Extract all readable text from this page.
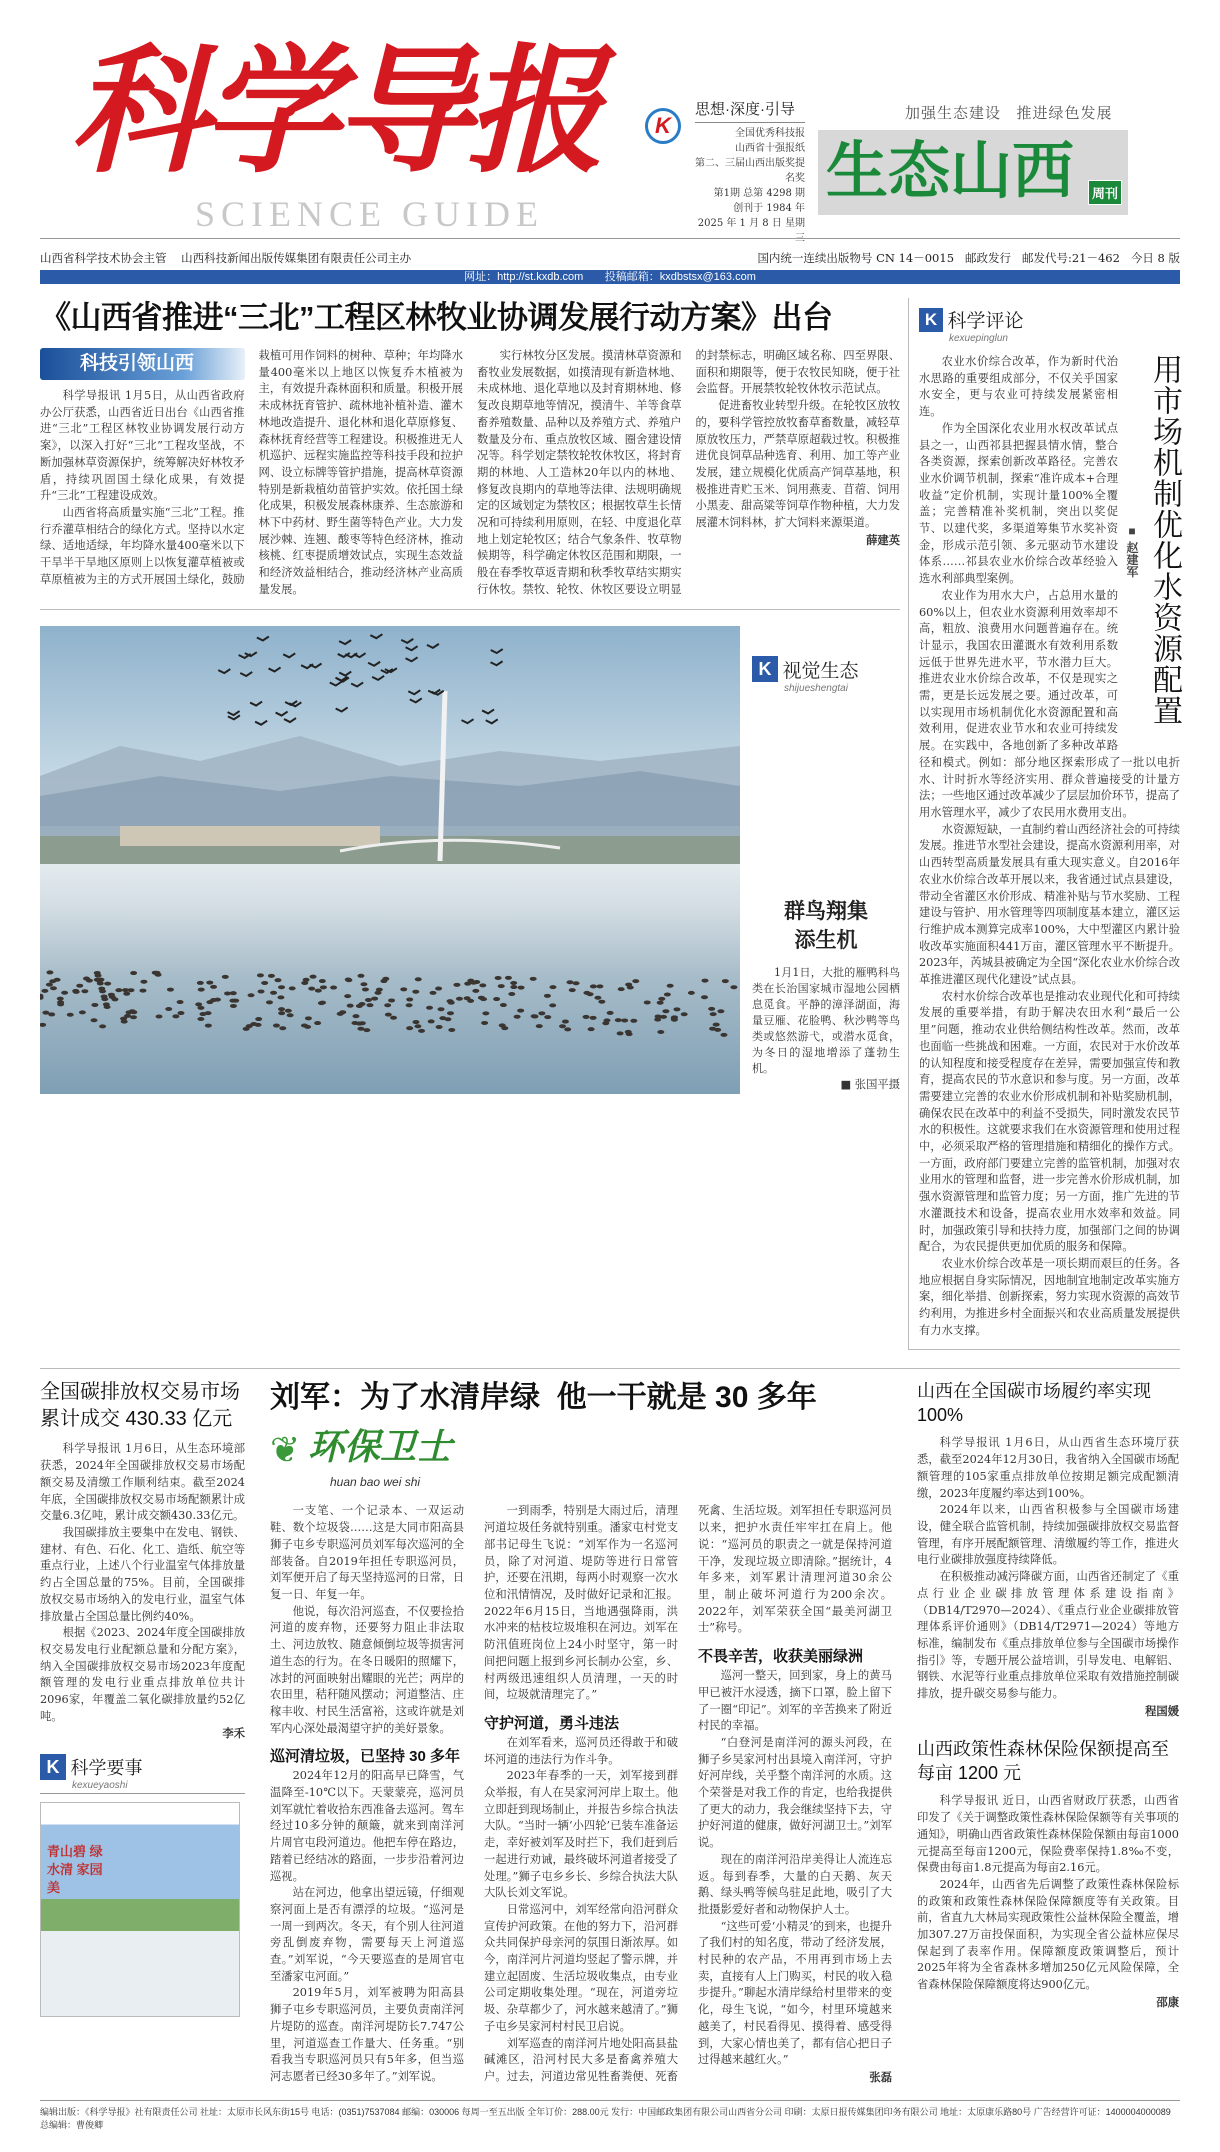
科学导报
SCIENCE GUIDE
K
思想·深度·引导
全国优秀科技报
山西省十强报纸
第二、三届山西出版奖提名奖
第1期 总第 4298 期
创刊于 1984 年
2025 年 1 月 8 日 星期
加强生态建设   推进绿色发展
生态山西	周刊
山西省科学技术协会主管    山西科技新闻出版传媒集团有限责任公司主办	国内统一连续出版物号 CN 14－0015   邮政发行   邮发代号:21－462   今日 8 版
网址：http://st.kxdb.com 投稿邮箱：kxdbstsx@163.com
《山西省推进“三北”工程区林牧业协调发展行动方案》出台
科技引领山西

科学导报讯 1月5日，从山西省政府办公厅获悉，山西省近日出台《山西省推进“三北”工程区林牧业协调发展行动方案》，以深入打好“三北”工程攻坚战，不断加强林草资源保护，统筹解决好林牧矛盾，持续巩固国土绿化成果，有效提升“三北”工程建设成效。

山西省将高质量实施“三北”工程。推行乔灌草相结合的绿化方式。坚持以水定绿、适地适绿，年均降水量400毫米以下干旱半干旱地区原则上以恢复灌草植被或草原植被为主的方式开展国土绿化，鼓励栽植可用作饲料的树种、草种；年均降水量400毫米以上地区以恢复乔木植被为主，有效提升森林面积和质量。积极开展未成林抚育管护、疏林地补植补造、灌木林地改造提升、退化林和退化草原修复、森林抚育经营等工程建设。积极推进无人机巡护、远程实施监控等科技手段和拉护网、设立标牌等管护措施，提高林草资源特别是新栽植幼苗管护实效。依托国土绿化成果，积极发展森林康养、生态旅游和林下中药材、野生菌等特色产业。大力发展沙棘、连翘、酸枣等特色经济林，推动核桃、红枣提质增效试点，实现生态效益和经济效益相结合，推动经济林产业高质量发展。

实行林牧分区发展。摸清林草资源和畜牧业发展数据，如摸清现有新造林地、未成林地、退化草地以及封育期林地、修复改良期草地等情况，摸清牛、羊等食草畜养殖数量、品种以及养殖方式、养殖户数量及分布、重点放牧区域、圈舍建设情况等。科学划定禁牧轮牧休牧区，将封育期的林地、人工造林20年以内的林地、修复改良期内的草地等法律、法规明确规定的区域划定为禁牧区；根据牧草生长情况和可持续利用原则，在轻、中度退化草地上划定轮牧区；结合气象条件、牧草物候期等，科学确定休牧区范围和期限，一般在春季牧草返青期和秋季牧草结实期实行休牧。禁牧、轮牧、休牧区要设立明显的封禁标志，明确区域名称、四至界限、面积和期限等，便于农牧民知晓，便于社会监督。开展禁牧轮牧休牧示范试点。

促进畜牧业转型升级。在轮牧区放牧的，要科学管控放牧畜草畜数量，减轻草原放牧压力，严禁草原超载过牧。积极推进优良饲草品种选育、利用、加工等产业发展，建立规模化优质高产饲草基地，积极推进青贮玉米、饲用燕麦、苜蓿、饲用小黑麦、甜高粱等饲草作物种植，大力发展灌木饲料林，扩大饲料来源渠道。

薛建英

K 视觉生态
shijueshengtai
群鸟翔集
添生机

1月1日，大批的雁鸭科鸟类在长治国家城市湿地公园栖息觅食。平静的漳泽湖面，海量豆雁、花脸鸭、秋沙鸭等鸟类或悠然游弋，或潜水觅食，为冬日的湿地增添了蓬勃生机。

■ 张国平摄

K 科学评论
kexuepinglun
■ 赵建军 用市场机制优化水资源配置

农业水价综合改革，作为新时代治水思路的重要组成部分，不仅关乎国家水安全，更与农业可持续发展紧密相连。

作为全国深化农业用水权改革试点县之一，山西祁县把握县情水情，整合各类资源，探索创新改革路径。完善农业水价调节机制，探索“准许成本+合理收益”定价机制，实现计量100%全覆盖；完善精准补奖机制，突出以奖促节、以建代奖，多渠道筹集节水奖补资金，形成示范引领、多元驱动节水建设体系……祁县农业水价综合改革经验入选水利部典型案例。

农业作为用水大户，占总用水量的60%以上，但农业水资源利用效率却不高，粗放、浪费用水问题普遍存在。统计显示，我国农田灌溉水有效利用系数远低于世界先进水平，节水潜力巨大。推进农业水价综合改革，不仅是现实之需，更是长远发展之要。通过改革，可以实现用市场机制优化水资源配置和高效利用，促进农业节水和农业可持续发展。在实践中，各地创新了多种改革路径和模式。例如：部分地区探索形成了一批以电折水、计时折水等经济实用、群众普遍接受的计量方法；一些地区通过改革减少了层层加价环节，提高了用水管理水平，减少了农民用水费用支出。

水资源短缺，一直制约着山西经济社会的可持续发展。推进节水型社会建设，提高水资源利用率，对山西转型高质量发展具有重大现实意义。自2016年农业水价综合改革开展以来，我省通过试点县建设，带动全省灌区水价形成、精准补贴与节水奖励、工程建设与管护、用水管理等四项制度基本建立，灌区运行维护成本测算完成率100%，大中型灌区内累计验收改革实施面积441万亩，灌区管理水平不断提升。2023年，芮城县被确定为全国“深化农业水价综合改革推进灌区现代化建设”试点县。

农村水价综合改革也是推动农业现代化和可持续发展的重要举措，有助于解决农田水利“最后一公里”问题，推动农业供给侧结构性改革。然而，改革也面临一些挑战和困难。一方面，农民对于水价改革的认知程度和接受程度存在差异，需要加强宣传和教育，提高农民的节水意识和参与度。另一方面，改革需要建立完善的农业水价形成机制和补贴奖励机制，确保农民在改革中的利益不受损失，同时激发农民节水的积极性。这就要求我们在水资源管理和使用过程中，必须采取严格的管理措施和精细化的操作方式。一方面，政府部门要建立完善的监管机制，加强对农业用水的管理和监督，进一步完善水价形成机制，加强水资源管理和监管力度；另一方面，推广先进的节水灌溉技术和设备，提高农业用水效率和效益。同时，加强政策引导和扶持力度，加强部门之间的协调配合，为农民提供更加优质的服务和保障。

农业水价综合改革是一项长期而艰巨的任务。各地应根据自身实际情况，因地制宜地制定改革实施方案，细化举措、创新探索，努力实现水资源的高效节约利用，为推进乡村全面振兴和农业高质量发展提供有力水支撑。

全国碳排放权交易市场
累计成交 430.33 亿元

科学导报讯 1月6日，从生态环境部获悉，2024年全国碳排放权交易市场配额交易及清缴工作顺利结束。截至2024年底，全国碳排放权交易市场配额累计成交量6.3亿吨，累计成交额430.33亿元。

我国碳排放主要集中在发电、钢铁、建材、有色、石化、化工、造纸、航空等重点行业，上述八个行业温室气体排放量约占全国总量的75%。目前，全国碳排放权交易市场纳入的发电行业，温室气体排放量占全国总量比例约40%。

根据《2023、2024年度全国碳排放权交易发电行业配额总量和分配方案》，纳入全国碳排放权交易市场2023年度配额管理的发电行业重点排放单位共计2096家，年覆盖二氧化碳排放量约52亿吨。

李禾

K 科学要事
kexueyaoshi
青山碧 绿水清 家园美
刘军：为了水清岸绿  他一干就是 30 多年
❦ 环保卫士
huan bao wei shi

一支笔、一个记录本、一双运动鞋、数个垃圾袋……这是大同市阳高县狮子屯乡专职巡河员刘军每次巡河的全部装备。自2019年担任专职巡河员，刘军便开启了每天坚持巡河的日常，日复一日、年复一年。

他说，每次沿河巡查，不仅要捡拾河道的废弃物，还要努力阻止非法取土、河边放牧、随意倾倒垃圾等损害河道生态的行为。在冬日暖阳的照耀下，冰封的河面映射出耀眼的光芒；两岸的农田里，秸秆随风摆动；河道整洁、庄稼丰收、村民生活富裕，这或许就是刘军内心深处最渴望守护的美好景象。

巡河清垃圾，已坚持 30 多年

2024年12月的阳高早已降雪，气温降至-10℃以下。天蒙蒙亮，巡河员刘军就忙着收拾东西准备去巡河。驾车经过10多分钟的颠簸，就来到南洋河片周官屯段河道边。他把车停在路边，踏着已经结冰的路面，一步步沿着河边巡视。

站在河边，他拿出望远镜，仔细观察河面上是否有漂浮的垃圾。“巡河是一周一到两次。冬天，有个别人往河道旁乱倒废弃物，需要每天上河道巡查。”刘军说，“今天要巡查的是周官屯至潘家屯河面。”

2019年5月，刘军被聘为阳高县狮子屯乡专职巡河员，主要负责南洋河片堤防的巡查。南洋河堤防长7.747公里，河道巡查工作量大、任务重。“别看我当专职巡河员只有5年多，但当巡河志愿者已经30多年了。”刘军说。

一到雨季，特别是大雨过后，清理河道垃圾任务就特别重。潘家屯村党支部书记母生飞说：“刘军作为一名巡河员，除了对河道、堤防等进行日常管护，还要在汛期，每两小时观察一次水位和汛情情况，及时做好记录和汇报。2022年6月15日，当地遇强降雨，洪水冲来的枯枝垃圾堆积在河边。刘军在防汛值班岗位上24小时坚守，第一时间把问题上报到乡河长制办公室，乡、村两级迅速组织人员清理，一天的时间，垃圾就清理完了。”

守护河道，勇斗违法

在刘军看来，巡河员还得敢于和破坏河道的违法行为作斗争。

2023年春季的一天，刘军接到群众举报，有人在吴家河河岸上取土。他立即赶到现场制止，并报告乡综合执法大队。“当时一辆‘小四轮’已装车准备运走，幸好被刘军及时拦下，我们赶到后一起进行劝诫，最终破坏河道者接受了处理。”狮子屯乡乡长、乡综合执法大队大队长刘文军说。

日常巡河中，刘军经常向沿河群众宣传护河政策。在他的努力下，沿河群众共同保护母亲河的氛围日渐浓厚。如今，南洋河片河道均竖起了警示牌，并建立起固废、生活垃圾收集点，由专业公司定期收集处理。“现在，河道旁垃圾、杂草都少了，河水越来越清了。”狮子屯乡吴家河村村民卫启说。

刘军巡查的南洋河片地处阳高县盐碱滩区，沿河村民大多是畜禽养殖大户。过去，河道边常见牲畜粪便、死畜死禽、生活垃圾。刘军担任专职巡河员以来，把护水责任牢牢扛在肩上。他说：“巡河员的职责之一就是保持河道干净，发现垃圾立即清除。”据统计，4年多来，刘军累计清理河道30余公里，制止破坏河道行为200余次。2022年，刘军荣获全国“最美河湖卫士”称号。

不畏辛苦，收获美丽绿洲

巡河一整天，回到家，身上的黄马甲已被汗水浸透，摘下口罩，脸上留下了一圈“印记”。刘军的辛苦换来了附近村民的幸福。

“白登河是南洋河的源头河段，在狮子乡吴家河村出县境入南洋河，守护好河岸线，关乎整个南洋河的水质。这个荣誉是对我工作的肯定，也给我提供了更大的动力，我会继续坚持下去，守护好河道的健康，做好河湖卫士。”刘军说。

现在的南洋河沿岸美得让人流连忘返。每到春季，大量的白天鹅、灰天鹅、绿头鸭等候鸟驻足此地，吸引了大批摄影爱好者和动物保护人士。

“这些可爱‘小精灵’的到来，也提升了我们村的知名度，带动了经济发展，村民种的农产品，不用再到市场上去卖，直接有人上门购买，村民的收入稳步提升。”聊起水清岸绿给村里带来的变化，母生飞说，“如今，村里环境越来越美了，村民看得见、摸得着、感受得到，大家心情也美了，都有信心把日子过得越来越红火。”

张磊

山西在全国碳市场履约率实现 100%

科学导报讯 1月6日，从山西省生态环境厅获悉，截至2024年12月30日，我省纳入全国碳市场配额管理的105家重点排放单位按期足额完成配额清缴，2023年度履约率达到100%。

2024年以来，山西省积极参与全国碳市场建设，健全联合监管机制，持续加强碳排放权交易监督管理，有序开展配额管理、清缴履约等工作，推进火电行业碳排放强度持续降低。

在积极推动减污降碳方面，山西省还制定了《重点行业企业碳排放管理体系建设指南》（DB14/T2970—2024）、《重点行业企业碳排放管理体系评价通则》（DB14/T2971—2024）等地方标准，编制发布《重点排放单位参与全国碳市场操作指引》等，专题开展公益培训，引导发电、电解铝、钢铁、水泥等行业重点排放单位采取有效措施控制碳排放，提升碳交易参与能力。

程国媛

山西政策性森林保险保额提高至每亩 1200 元

科学导报讯 近日，山西省财政厅获悉，山西省印发了《关于调整政策性森林保险保额等有关事项的通知》，明确山西省政策性森林保险保额由每亩1000元提高至每亩1200元，保险费率保持1.8‰不变，保费由每亩1.8元提高为每亩2.16元。

2024年，山西省先后调整了政策性森林保险标的政策和政策性森林保险保障额度等有关政策。目前，省直九大林局实现政策性公益林保险全覆盖，增加307.27万亩投保面积，为实现全省公益林应保尽保起到了表率作用。保障额度政策调整后，预计2025年将为全省森林多增加250亿元风险保障，全省森林保险保障额度将达900亿元。

邵康

编辑出版：《科学导报》社有限责任公司 社址：太原市长风东街15号 电话：(0351)7537084 邮编：030006 每周一至五出版 全年订价：288.00元 发行：中国邮政集团有限公司山西省分公司 印刷：太原日报传媒集团印务有限公司 地址：太原康乐路80号 广告经营许可证：1400004000089 总编辑：曹俊卿
